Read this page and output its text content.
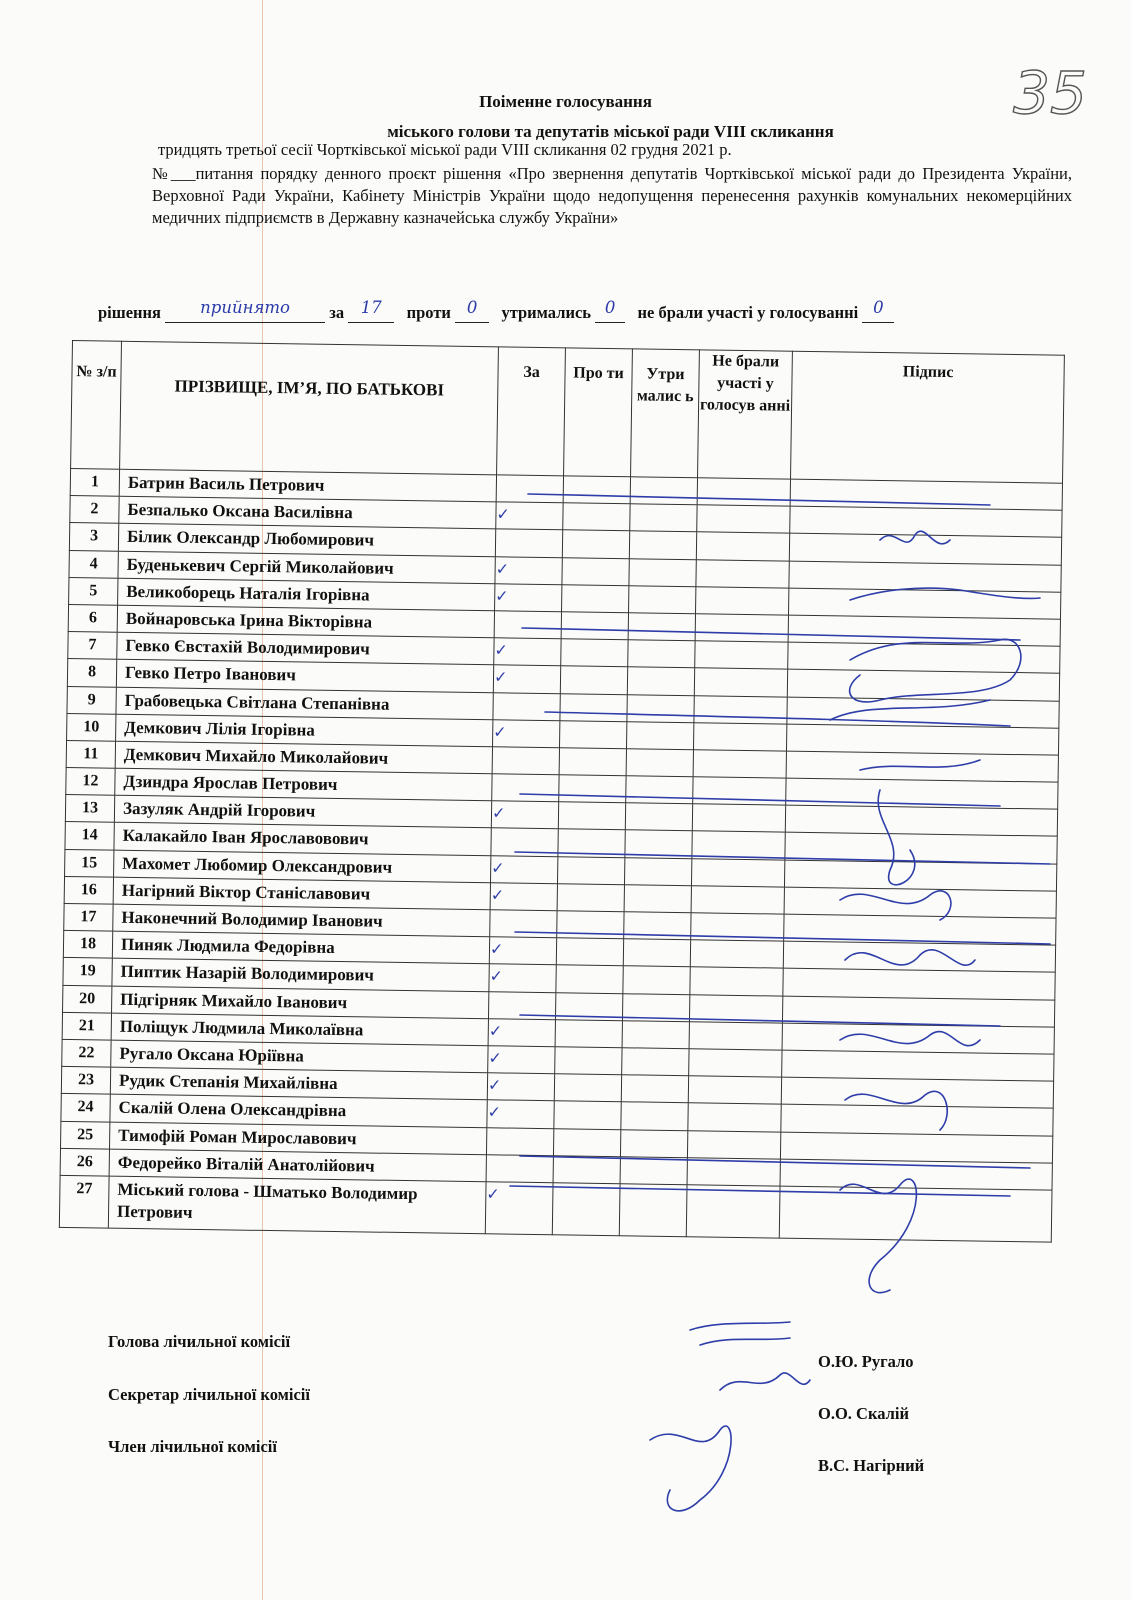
35
Поіменне голосування
міського голови та депутатів міської ради VIII скликання
тридцять третьої сесії Чортківської міської ради VIII скликання 02 грудня 2021 р.
№___питання порядку денного проєкт рішення «Про звернення депутатів Чортківської міської ради до Президента України, Верховної Ради України, Кабінету Міністрів України щодо недопущення перенесення рахунків комунальних некомерційних медичних підприємств в Державну казначейська службу України»
рішення прийнято за 17 проти 0 утримались 0 не брали участі у голосуванні 0
№ з/п	ПРІЗВИЩЕ, ІМ’Я, ПО БАТЬКОВІ	За	Про ти	Утри малис ь	Не брали участі у голосув анні	Підпис
1	Батрин Василь Петрович					
2	Безпалько Оксана Василівна	✓				
3	Білик Олександр Любомирович					
4	Буденькевич Сергій Миколайович	✓				
5	Великоборець Наталія Ігорівна	✓				
6	Войнаровська Ірина Вікторівна					
7	Гевко Євстахій Володимирович	✓				
8	Гевко Петро Іванович	✓				
9	Грабовецька Світлана Степанівна					
10	Демкович Лілія Ігорівна	✓				
11	Демкович Михайло Миколайович					
12	Дзиндра Ярослав Петрович					
13	Зазуляк Андрій Ігорович	✓				
14	Калакайло Іван Ярославовович					
15	Махомет Любомир Олександрович	✓				
16	Нагірний Віктор Станіславович	✓				
17	Наконечний Володимир Іванович					
18	Пиняк Людмила Федорівна	✓				
19	Пиптик Назарій Володимирович	✓				
20	Підгірняк Михайло Іванович					
21	Поліщук Людмила Миколаївна	✓				
22	Ругало Оксана Юріївна	✓				
23	Рудик Степанія Михайлівна	✓				
24	Скалій Олена Олександрівна	✓				
25	Тимофій Роман Мирославович					
26	Федорейко Віталій Анатолійович					
27	Міський голова - Шматько Володимир Петрович	✓				
Голова лічильної комісії
О.Ю. Ругало
Секретар лічильної комісії
О.О. Скалій
Член лічильної комісії
В.С. Нагірний
